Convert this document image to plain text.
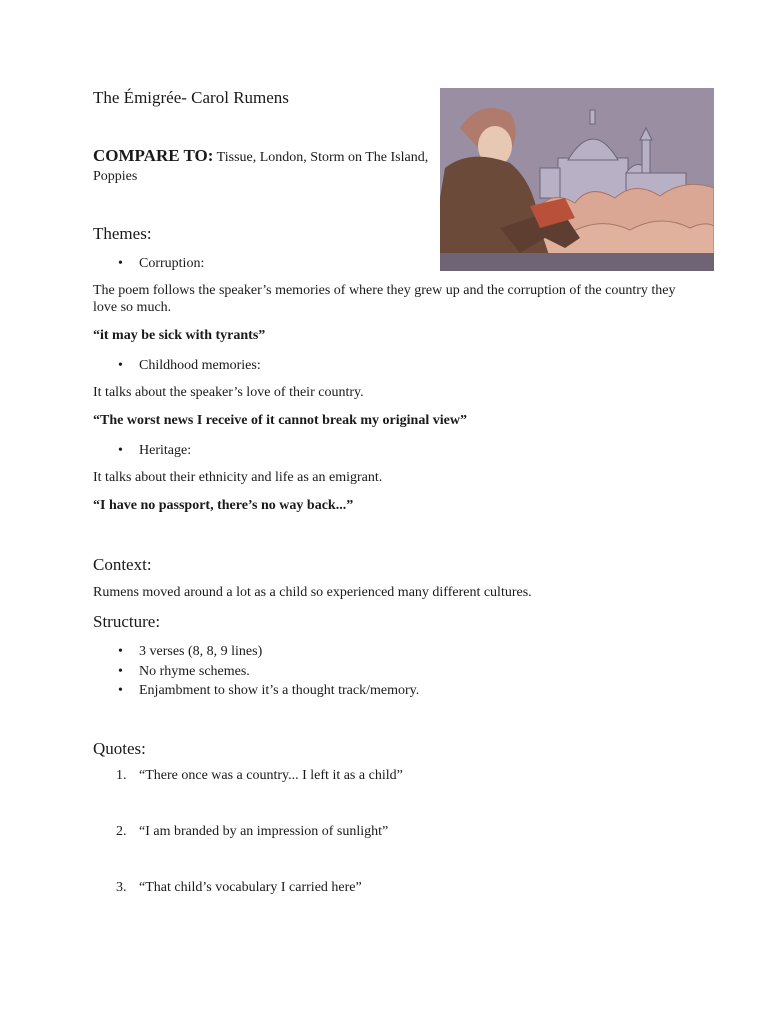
The Émigrée- Carol Rumens
COMPARE TO: Tissue, London, Storm on The Island, Poppies
Themes:
• Corruption:

The poem follows the speaker’s memories of where they grew up and the corruption of the country they love so much.

“it may be sick with tyrants”
• Childhood memories:

It talks about the speaker’s love of their country.

“The worst news I receive of it cannot break my original view”
• Heritage:

It talks about their ethnicity and life as an emigrant.

“I have no passport, there’s no way back...”
Context:

Rumens moved around a lot as a child so experienced many different cultures.

Structure:
• 3 verses (8, 8, 9 lines)
• No rhyme schemes.
• Enjambment to show it’s a thought track/memory.
Quotes:
1. “There once was a country... I left it as a child”
2. “I am branded by an impression of sunlight”
3. “That child’s vocabulary I carried here”
